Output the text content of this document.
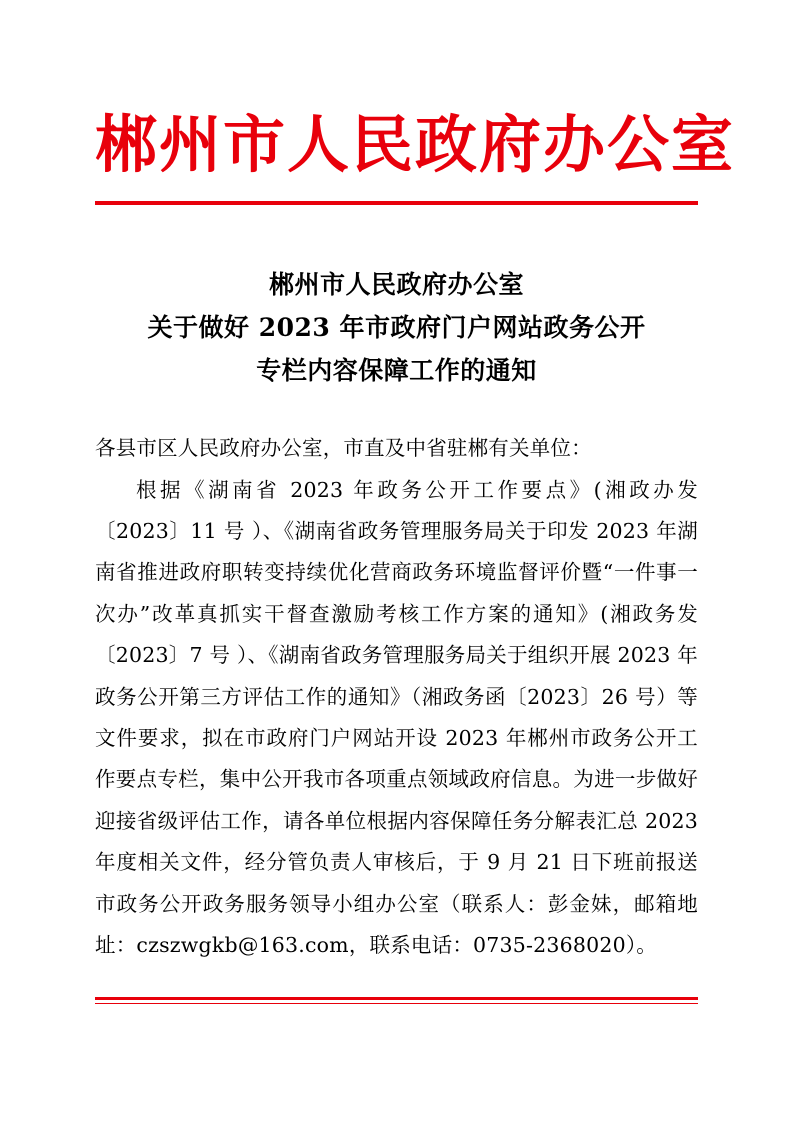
郴州市人民政府办公室
郴州市人民政府办公室
关于做好 2023 年市政府门户网站政务公开
专栏内容保障工作的通知

各县市区人民政府办公室，市直及中省驻郴有关单位：

根据《湖南省 2023 年政务公开工作要点》(湘政办发〔2023〕11 号 ）、《湖南省政务管理服务局关于印发 2023 年湖南省推进政府职转变持续优化营商政务环境监督评价暨“一件事一次办”改革真抓实干督查激励考核工作方案的通知》(湘政务发〔2023〕7 号 ）、《湖南省政务管理服务局关于组织开展 2023 年政务公开第三方评估工作的通知》（湘政务函〔2023〕26 号）等文件要求，拟在市政府门户网站开设 2023 年郴州市政务公开工作要点专栏，集中公开我市各项重点领域政府信息。为进一步做好迎接省级评估工作，请各单位根据内容保障任务分解表汇总 2023 年度相关文件，经分管负责人审核后，于 9 月 21 日下班前报送市政务公开政务服务领导小组办公室（联系人：彭金妹，邮箱地址：czszwgkb@163.com，联系电话：0735-2368020）。
